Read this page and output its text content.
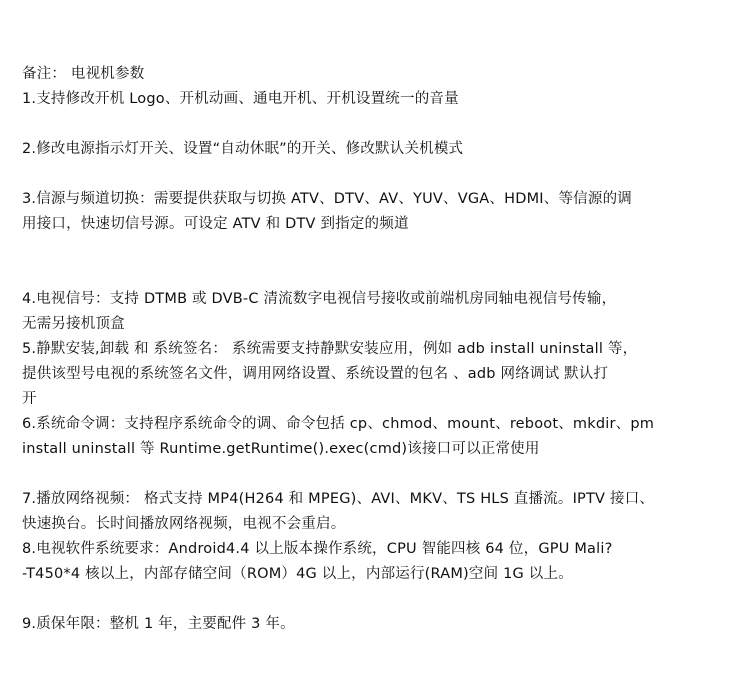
备注： 电视机参数
1.支持修改开机 Logo、开机动画、通电开机、开机设置统一的音量
2.修改电源指示灯开关、设置“自动休眠”的开关、修改默认关机模式
3.信源与频道切换：需要提供获取与切换 ATV、DTV、AV、YUV、VGA、HDMI、等信源的调
用接口，快速切信号源。可设定 ATV 和 DTV 到指定的频道
4.电视信号：支持 DTMB 或 DVB-C 清流数字电视信号接收或前端机房同轴电视信号传输，
无需另接机顶盒
5.静默安装,卸载 和 系统签名： 系统需要支持静默安装应用，例如 adb install uninstall 等，
提供该型号电视的系统签名文件，调用网络设置、系统设置的包名 、adb 网络调试 默认打
开
6.系统命令调：支持程序系统命令的调、命令包括 cp、chmod、mount、reboot、mkdir、pm
install uninstall 等 Runtime.getRuntime().exec(cmd)该接口可以正常使用
7.播放网络视频： 格式支持 MP4(H264 和 MPEG)、AVI、MKV、TS HLS 直播流。IPTV 接口、
快速换台。长时间播放网络视频，电视不会重启。
8.电视软件系统要求：Android4.4 以上版本操作系统，CPU 智能四核 64 位，GPU Mali?
-T450*4 核以上，内部存储空间（ROM）4G 以上，内部运行(RAM)空间 1G 以上。
9.质保年限：整机 1 年，主要配件 3 年。
